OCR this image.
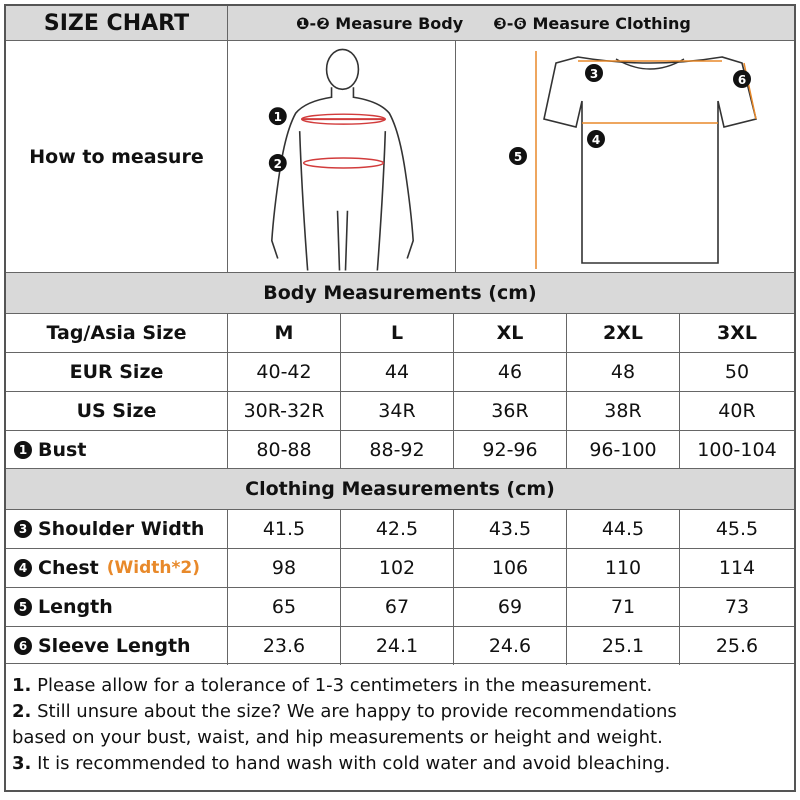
SIZE CHART	❶-❷ Measure Body ❸-❻ Measure Clothing
How to measure
1
2
3
4
5
6
Body Measurements (cm)
Tag/Asia Size	M	L	XL	2XL	3XL
EUR Size	40-42	44	46	48	50
US Size	30R-32R	34R	36R	38R	40R
1 Bust	80-88	88-92	92-96	96-100	100-104
Clothing Measurements (cm)
3 Shoulder Width	41.5	42.5	43.5	44.5	45.5
4 Chest (Width*2)	98	102	106	110	114
5 Length	65	67	69	71	73
6 Sleeve Length	23.6	24.1	24.6	25.1	25.6
1. Please allow for a tolerance of 1-3 centimeters in the measurement.
2. Still unsure about the size? We are happy to provide recommendations
based on your bust, waist, and hip measurements or height and weight.
3. It is recommended to hand wash with cold water and avoid bleaching.
